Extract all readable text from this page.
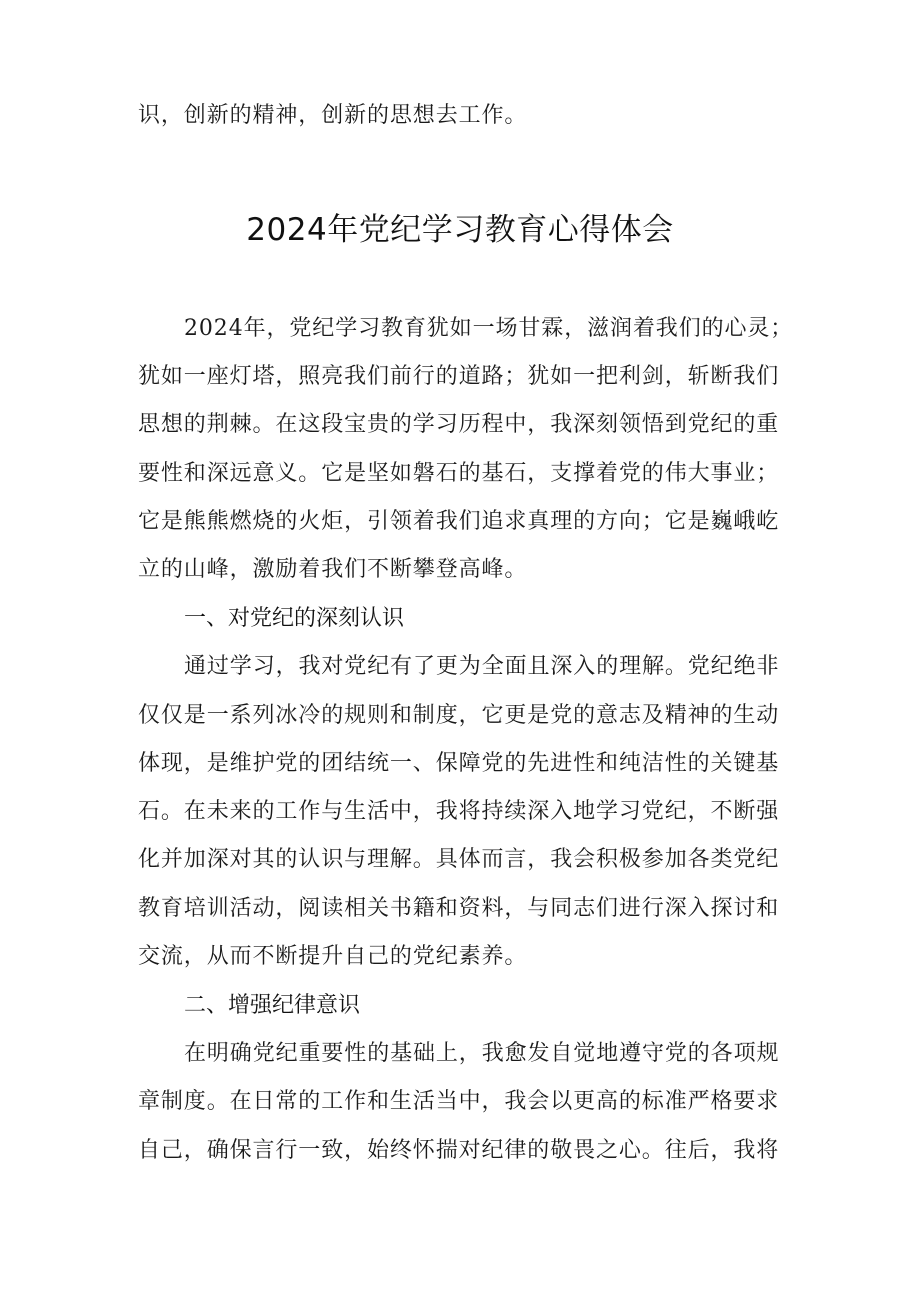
识，创新的精神，创新的思想去工作。
2024年党纪学习教育心得体会
2024年，党纪学习教育犹如一场甘霖，滋润着我们的心灵；
犹如一座灯塔，照亮我们前行的道路；犹如一把利剑，斩断我们
思想的荆棘。在这段宝贵的学习历程中，我深刻领悟到党纪的重
要性和深远意义。它是坚如磐石的基石，支撑着党的伟大事业；
它是熊熊燃烧的火炬，引领着我们追求真理的方向；它是巍峨屹
立的山峰，激励着我们不断攀登高峰。
一、对党纪的深刻认识
通过学习，我对党纪有了更为全面且深入的理解。党纪绝非
仅仅是一系列冰冷的规则和制度，它更是党的意志及精神的生动
体现，是维护党的团结统一、保障党的先进性和纯洁性的关键基
石。在未来的工作与生活中，我将持续深入地学习党纪，不断强
化并加深对其的认识与理解。具体而言，我会积极参加各类党纪
教育培训活动，阅读相关书籍和资料，与同志们进行深入探讨和
交流，从而不断提升自己的党纪素养。
二、增强纪律意识
在明确党纪重要性的基础上，我愈发自觉地遵守党的各项规
章制度。在日常的工作和生活当中，我会以更高的标准严格要求
自己，确保言行一致，始终怀揣对纪律的敬畏之心。往后，我将
